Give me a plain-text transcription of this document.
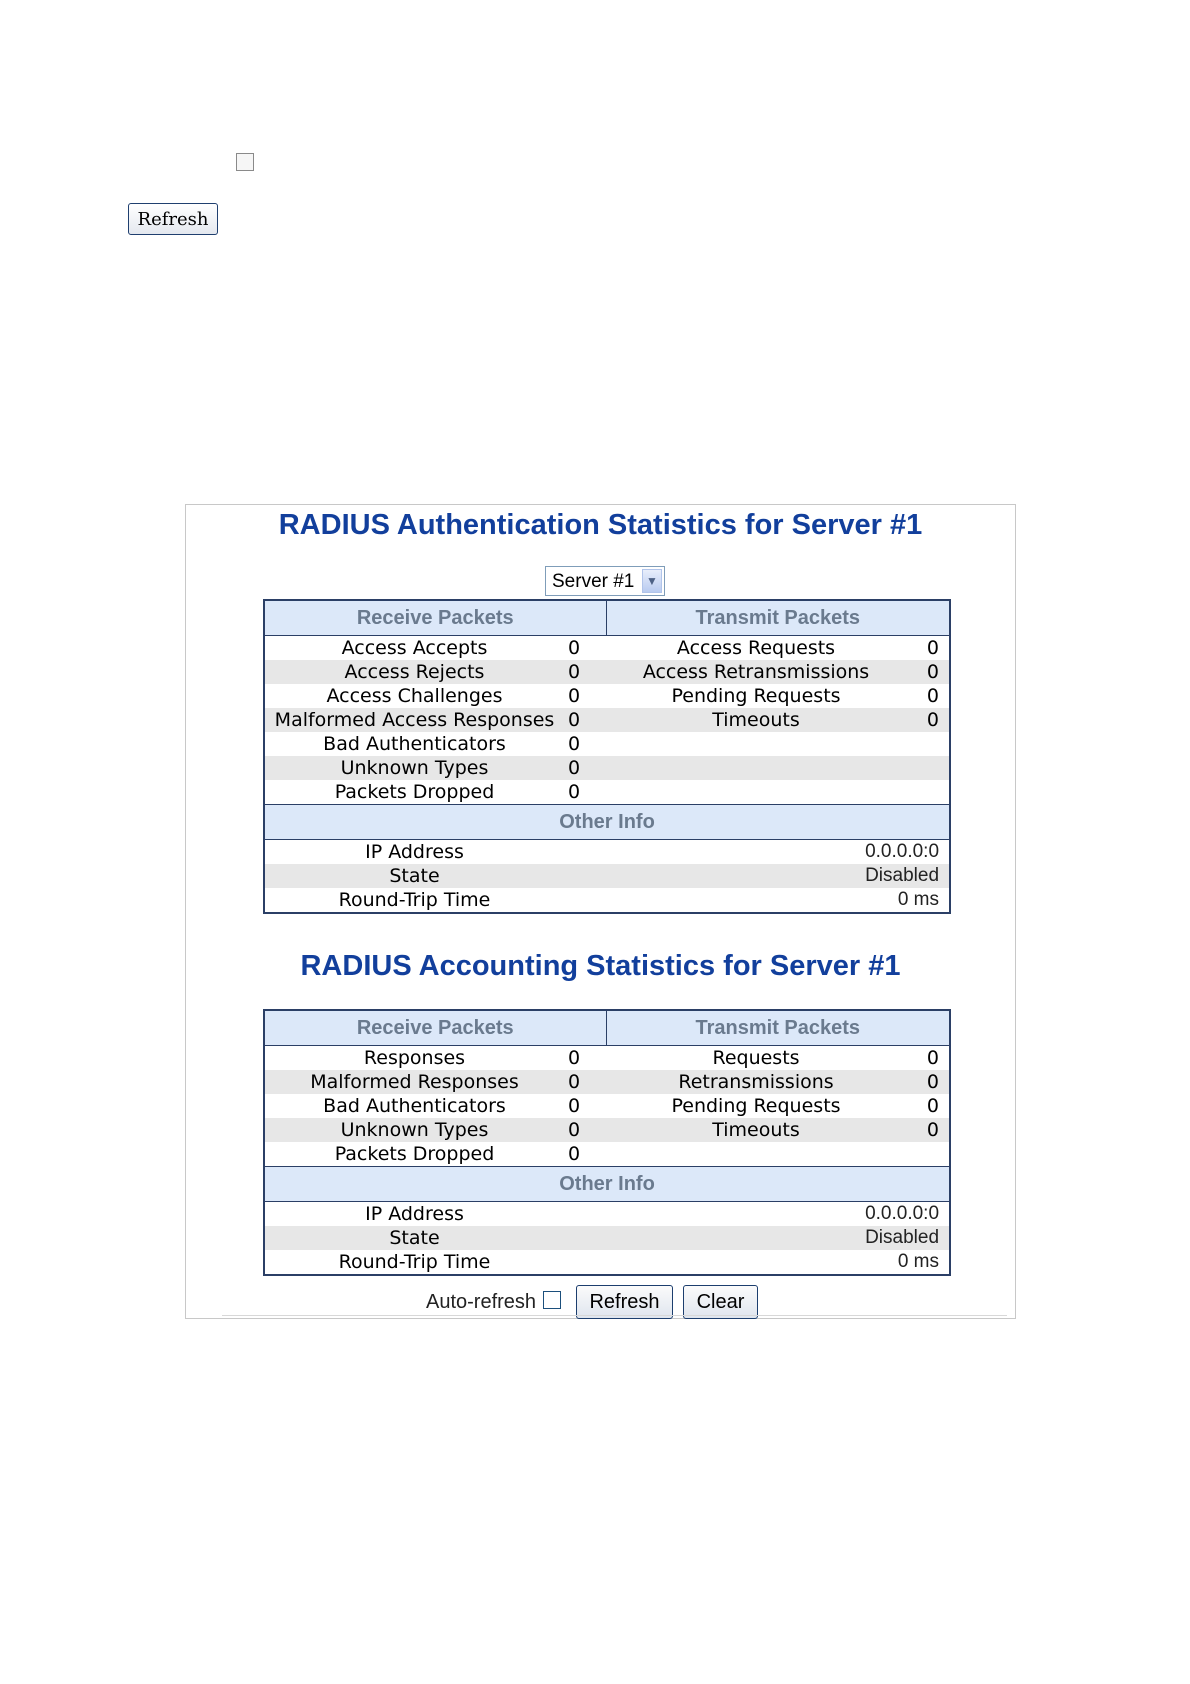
Refresh
RADIUS Authentication Statistics for Server #1
Server #1 ▼
Receive Packets		Transmit Packets	
Access Accepts	0	Access Requests	0
Access Rejects	0	Access Retransmissions	0
Access Challenges	0	Pending Requests	0
Malformed Access Responses	0	Timeouts	0
Bad Authenticators	0		
Unknown Types	0		
Packets Dropped	0		
Other Info			
IP Address		0.0.0.0:0	
State		Disabled	
Round-Trip Time		0 ms	
RADIUS Accounting Statistics for Server #1
Receive Packets		Transmit Packets	
Responses	0	Requests	0
Malformed Responses	0	Retransmissions	0
Bad Authenticators	0	Pending Requests	0
Unknown Types	0	Timeouts	0
Packets Dropped	0		
Other Info			
IP Address		0.0.0.0:0	
State		Disabled	
Round-Trip Time		0 ms	
Auto-refresh	Refresh	Clear
